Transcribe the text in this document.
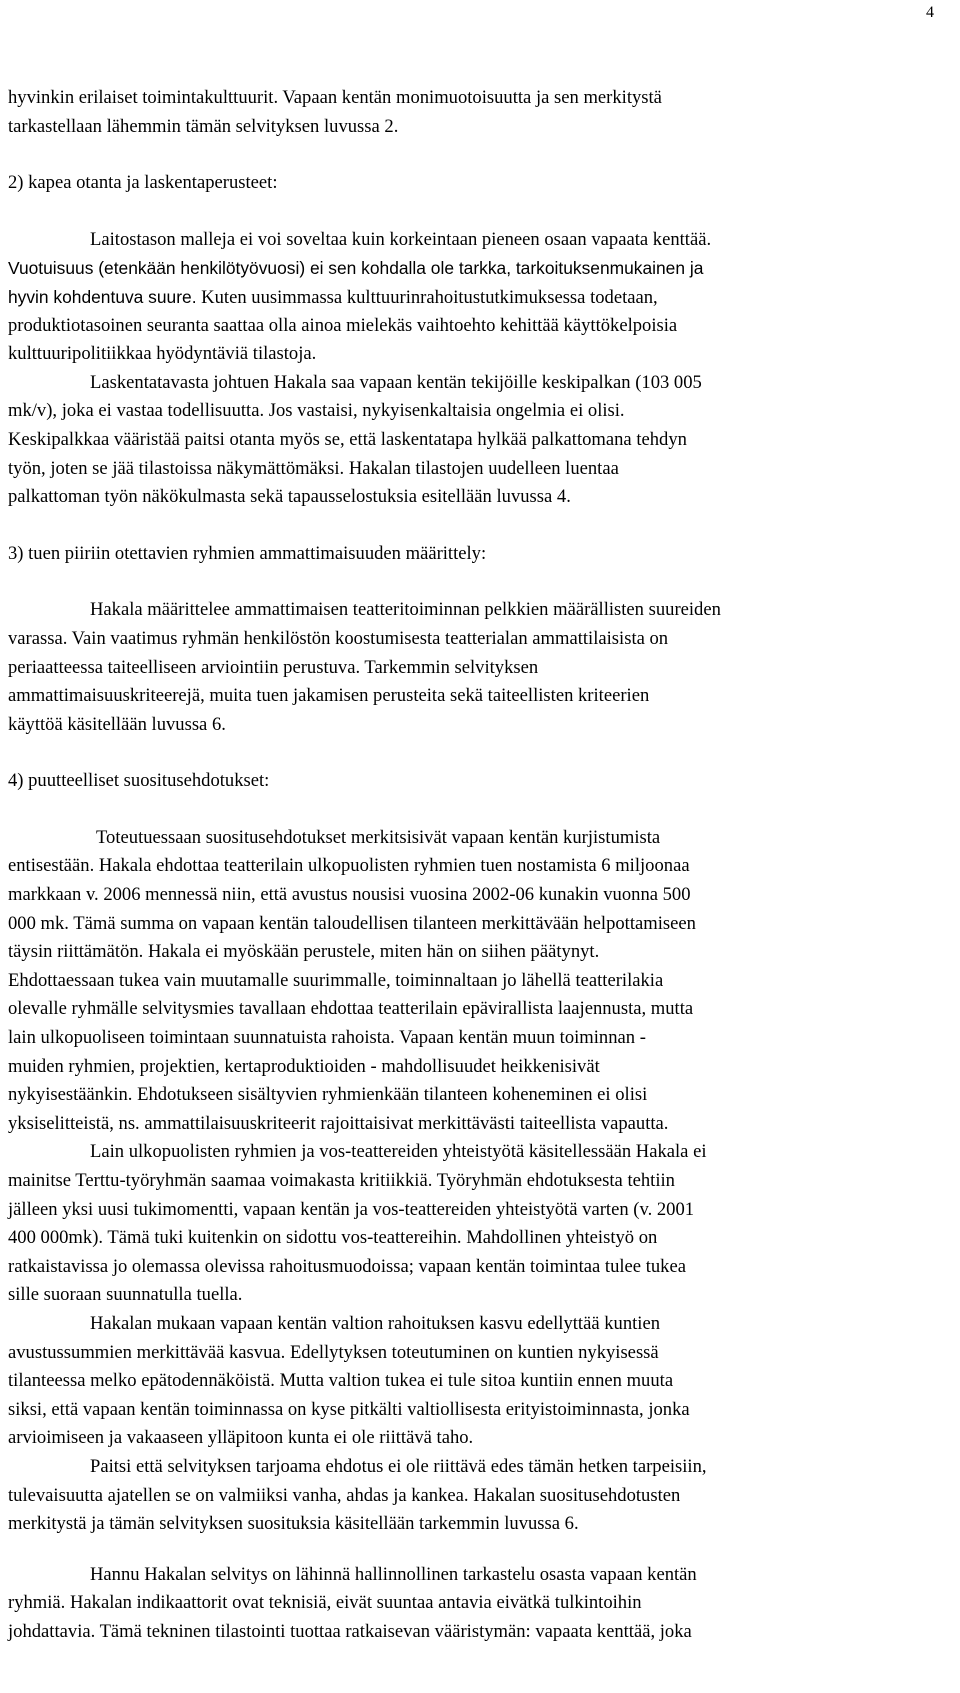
4
hyvinkin erilaiset toimintakulttuurit. Vapaan kentän monimuotoisuutta ja sen merkitystä
tarkastellaan lähemmin tämän selvityksen luvussa 2.
2) kapea otanta ja laskentaperusteet:
Laitostason malleja ei voi soveltaa kuin korkeintaan pieneen osaan vapaata kenttää.
Vuotuisuus (etenkään henkilötyövuosi) ei sen kohdalla ole tarkka, tarkoituksenmukainen ja
hyvin kohdentuva suure. Kuten uusimmassa kulttuurinrahoitustutkimuksessa todetaan,
produktiotasoinen seuranta saattaa olla ainoa mielekäs vaihtoehto kehittää käyttökelpoisia
kulttuuripolitiikkaa hyödyntäviä tilastoja.
Laskentatavasta johtuen Hakala saa vapaan kentän tekijöille keskipalkan (103 005
mk/v), joka ei vastaa todellisuutta. Jos vastaisi, nykyisenkaltaisia ongelmia ei olisi.
Keskipalkkaa vääristää paitsi otanta myös se, että laskentatapa hylkää palkattomana tehdyn
työn, joten se jää tilastoissa näkymättömäksi. Hakalan tilastojen uudelleen luentaa
palkattoman työn näkökulmasta sekä tapausselostuksia esitellään luvussa 4.
3) tuen piiriin otettavien ryhmien ammattimaisuuden määrittely:
Hakala määrittelee ammattimaisen teatteritoiminnan pelkkien määrällisten suureiden
varassa. Vain vaatimus ryhmän henkilöstön koostumisesta teatterialan ammattilaisista on
periaatteessa taiteelliseen arviointiin perustuva. Tarkemmin selvityksen
ammattimaisuuskriteerejä, muita tuen jakamisen perusteita sekä taiteellisten kriteerien
käyttöä käsitellään luvussa 6.
4) puutteelliset suositusehdotukset:
Toteutuessaan suositusehdotukset merkitsisivät vapaan kentän kurjistumista
entisestään. Hakala ehdottaa teatterilain ulkopuolisten ryhmien tuen nostamista 6 miljoonaa
markkaan v. 2006 mennessä niin, että avustus nousisi vuosina 2002-06 kunakin vuonna 500
000 mk. Tämä summa on vapaan kentän taloudellisen tilanteen merkittävään helpottamiseen
täysin riittämätön. Hakala ei myöskään perustele, miten hän on siihen päätynyt.
Ehdottaessaan tukea vain muutamalle suurimmalle, toiminnaltaan jo lähellä teatterilakia
olevalle ryhmälle selvitysmies tavallaan ehdottaa teatterilain epävirallista laajennusta, mutta
lain ulkopuoliseen toimintaan suunnatuista rahoista. Vapaan kentän muun toiminnan -
muiden ryhmien, projektien, kertaproduktioiden - mahdollisuudet heikkenisivät
nykyisestäänkin. Ehdotukseen sisältyvien ryhmienkään tilanteen koheneminen ei olisi
yksiselitteistä, ns. ammattilaisuuskriteerit rajoittaisivat merkittävästi taiteellista vapautta.
Lain ulkopuolisten ryhmien ja vos-teattereiden yhteistyötä käsitellessään Hakala ei
mainitse Terttu-työryhmän saamaa voimakasta kritiikkiä. Työryhmän ehdotuksesta tehtiin
jälleen yksi uusi tukimomentti, vapaan kentän ja vos-teattereiden yhteistyötä varten (v. 2001
400 000mk). Tämä tuki kuitenkin on sidottu vos-teattereihin. Mahdollinen yhteistyö on
ratkaistavissa jo olemassa olevissa rahoitusmuodoissa; vapaan kentän toimintaa tulee tukea
sille suoraan suunnatulla tuella.
Hakalan mukaan vapaan kentän valtion rahoituksen kasvu edellyttää kuntien
avustussummien merkittävää kasvua. Edellytyksen toteutuminen on kuntien nykyisessä
tilanteessa melko epätodennäköistä. Mutta valtion tukea ei tule sitoa kuntiin ennen muuta
siksi, että vapaan kentän toiminnassa on kyse pitkälti valtiollisesta erityistoiminnasta, jonka
arvioimiseen ja vakaaseen ylläpitoon kunta ei ole riittävä taho.
Paitsi että selvityksen tarjoama ehdotus ei ole riittävä edes tämän hetken tarpeisiin,
tulevaisuutta ajatellen se on valmiiksi vanha, ahdas ja kankea. Hakalan suositusehdotusten
merkitystä ja tämän selvityksen suosituksia käsitellään tarkemmin luvussa 6.
Hannu Hakalan selvitys on lähinnä hallinnollinen tarkastelu osasta vapaan kentän
ryhmiä. Hakalan indikaattorit ovat teknisiä, eivät suuntaa antavia eivätkä tulkintoihin
johdattavia. Tämä tekninen tilastointi tuottaa ratkaisevan vääristymän: vapaata kenttää, joka
